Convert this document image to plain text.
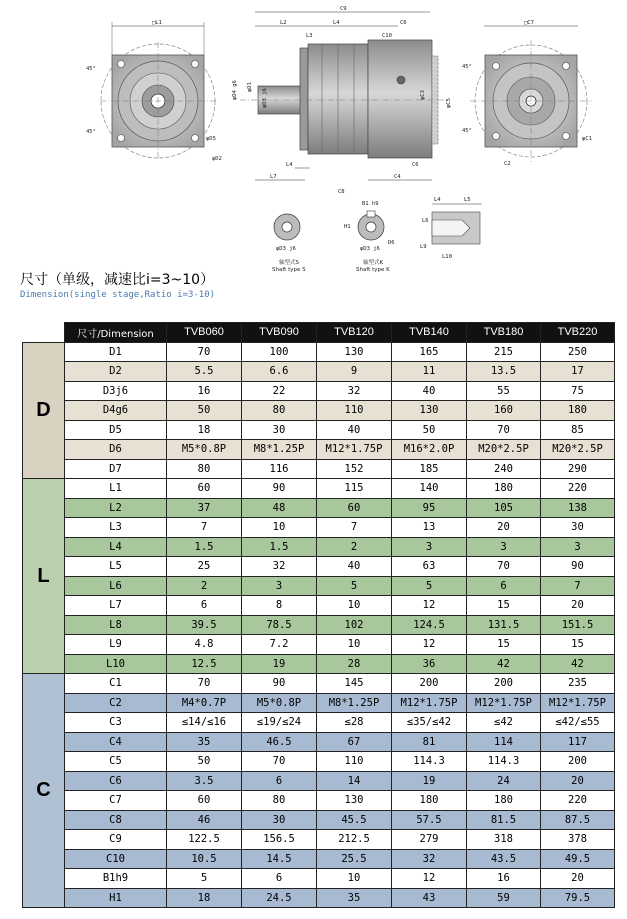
□L1
45°
45°
φD5
φD2
C9
L2	L4	C6
L3	C10
φD4 g6 φD1
φD3 j6	φC3
φC5
L4
L7	C4
C8
C6
□C7
45°
45°
φC1
C2
φD3 j6
轴型式S
Shaft type S
B1 h9
H1
D6
φD3 j6
轴型式K
Shaft type K
L4	L5
L6
L9
L10
尺寸（单级，减速比i=3~10）
Dimension(single stage,Ratio i=3-10)
	尺寸/Dimension	TVB060	TVB090	TVB120	TVB140	TVB180	TVB220
D	D1	70	100	130	165	215	250
	D2	5.5	6.6	9	11	13.5	17
	D3j6	16	22	32	40	55	75
	D4g6	50	80	110	130	160	180
	D5	18	30	40	50	70	85
	D6	M5*0.8P	M8*1.25P	M12*1.75P	M16*2.0P	M20*2.5P	M20*2.5P
	D7	80	116	152	185	240	290
L	L1	60	90	115	140	180	220
	L2	37	48	60	95	105	138
	L3	7	10	7	13	20	30
	L4	1.5	1.5	2	3	3	3
	L5	25	32	40	63	70	90
	L6	2	3	5	5	6	7
	L7	6	8	10	12	15	20
	L8	39.5	78.5	102	124.5	131.5	151.5
	L9	4.8	7.2	10	12	15	15
	L10	12.5	19	28	36	42	42
C	C1	70	90	145	200	200	235
	C2	M4*0.7P	M5*0.8P	M8*1.25P	M12*1.75P	M12*1.75P	M12*1.75P
	C3	≤14/≤16	≤19/≤24	≤28	≤35/≤42	≤42	≤42/≤55
	C4	35	46.5	67	81	114	117
	C5	50	70	110	114.3	114.3	200
	C6	3.5	6	14	19	24	20
	C7	60	80	130	180	180	220
	C8	46	30	45.5	57.5	81.5	87.5
	C9	122.5	156.5	212.5	279	318	378
	C10	10.5	14.5	25.5	32	43.5	49.5
	B1h9	5	6	10	12	16	20
	H1	18	24.5	35	43	59	79.5
